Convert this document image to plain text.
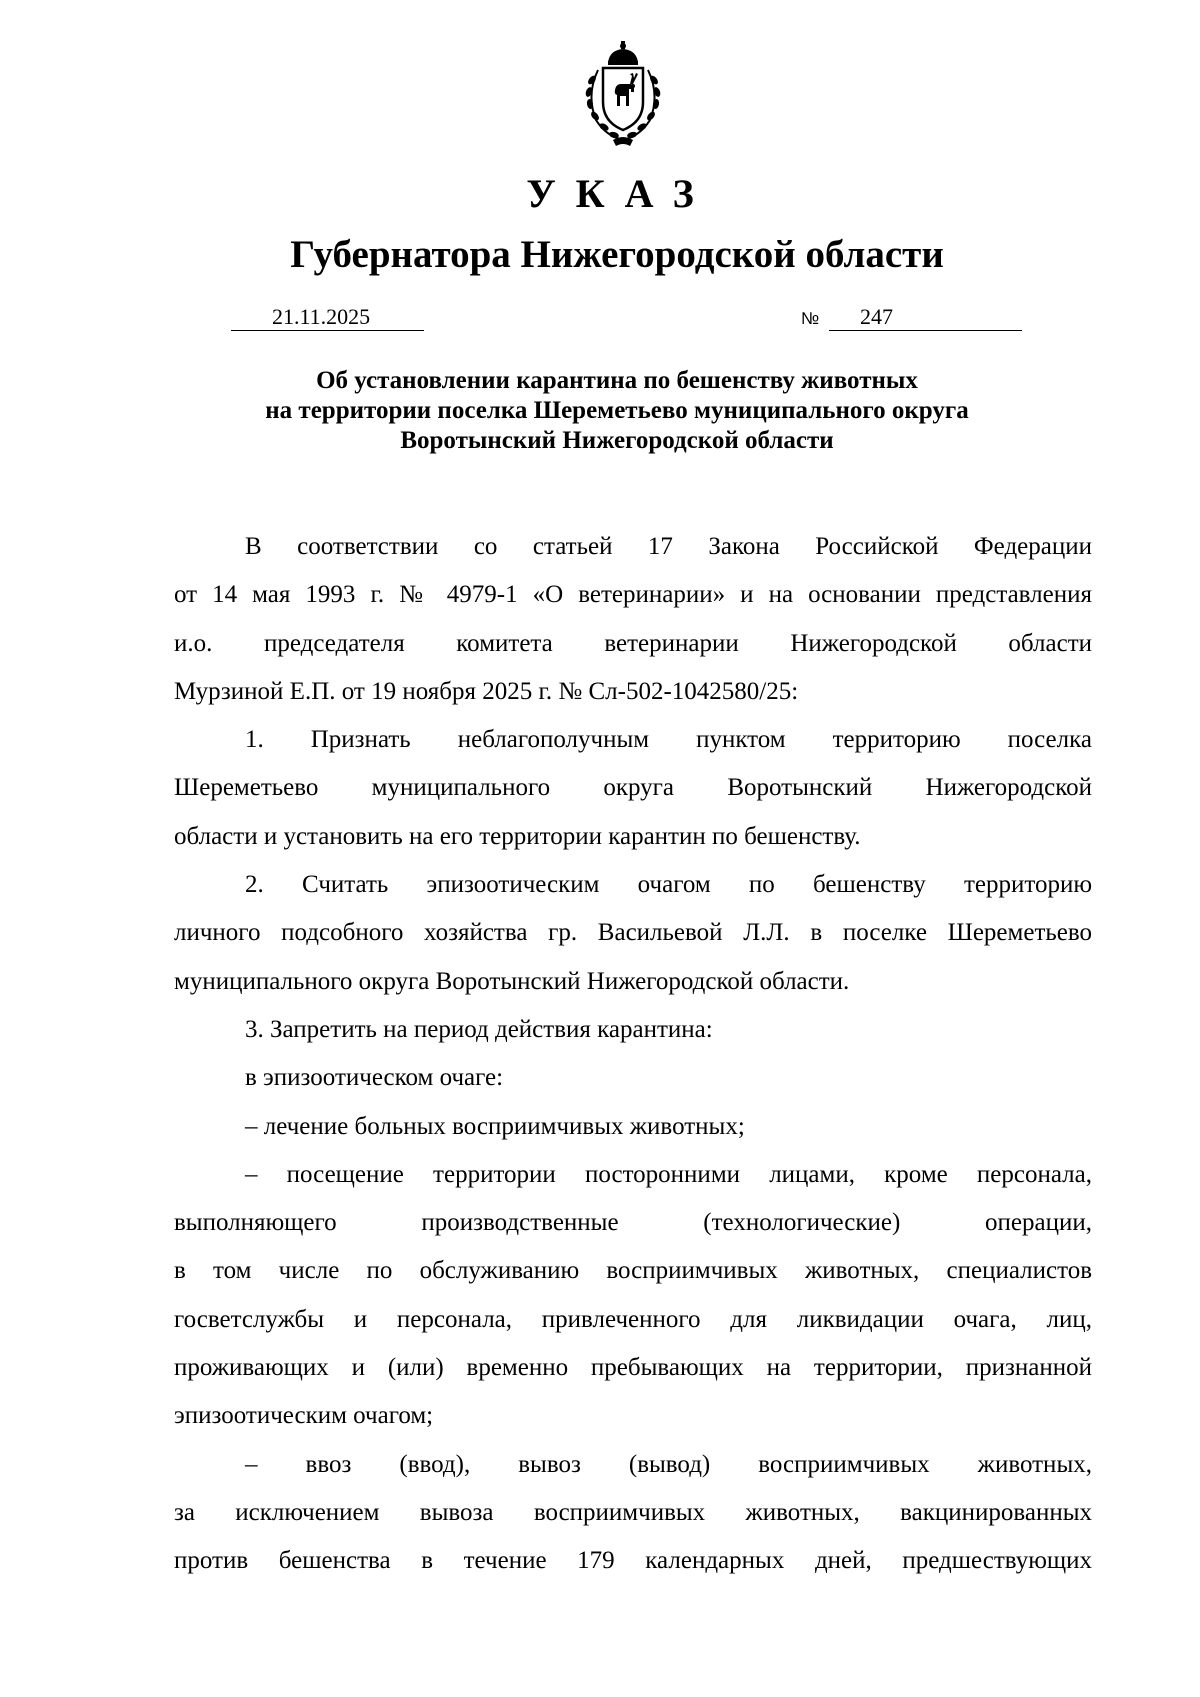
УКАЗ
Губернатора Нижегородской области
21.11.2025	№ 247
Об установлении карантина по бешенству животных
на территории поселка Шереметьево муниципального округа
Воротынский Нижегородской области
В соответствии со статьей 17 Закона Российской Федерации
от 14 мая 1993 г. № 4979-1 «О ветеринарии» и на основании представления
и.о. председателя комитета ветеринарии Нижегородской области
Мурзиной Е.П. от 19 ноября 2025 г. № Сл-502-1042580/25:
1. Признать неблагополучным пунктом территорию поселка
Шереметьево муниципального округа Воротынский Нижегородской
области и установить на его территории карантин по бешенству.
2. Считать эпизоотическим очагом по бешенству территорию
личного подсобного хозяйства гр. Васильевой Л.Л. в поселке Шереметьево
муниципального округа Воротынский Нижегородской области.
3. Запретить на период действия карантина:
в эпизоотическом очаге:
– лечение больных восприимчивых животных;
– посещение территории посторонними лицами, кроме персонала,
выполняющего производственные (технологические) операции,
в том числе по обслуживанию восприимчивых животных, специалистов
госветслужбы и персонала, привлеченного для ликвидации очага, лиц,
проживающих и (или) временно пребывающих на территории, признанной
эпизоотическим очагом;
– ввоз (ввод), вывоз (вывод) восприимчивых животных,
за исключением вывоза восприимчивых животных, вакцинированных
против бешенства в течение 179 календарных дней, предшествующих
